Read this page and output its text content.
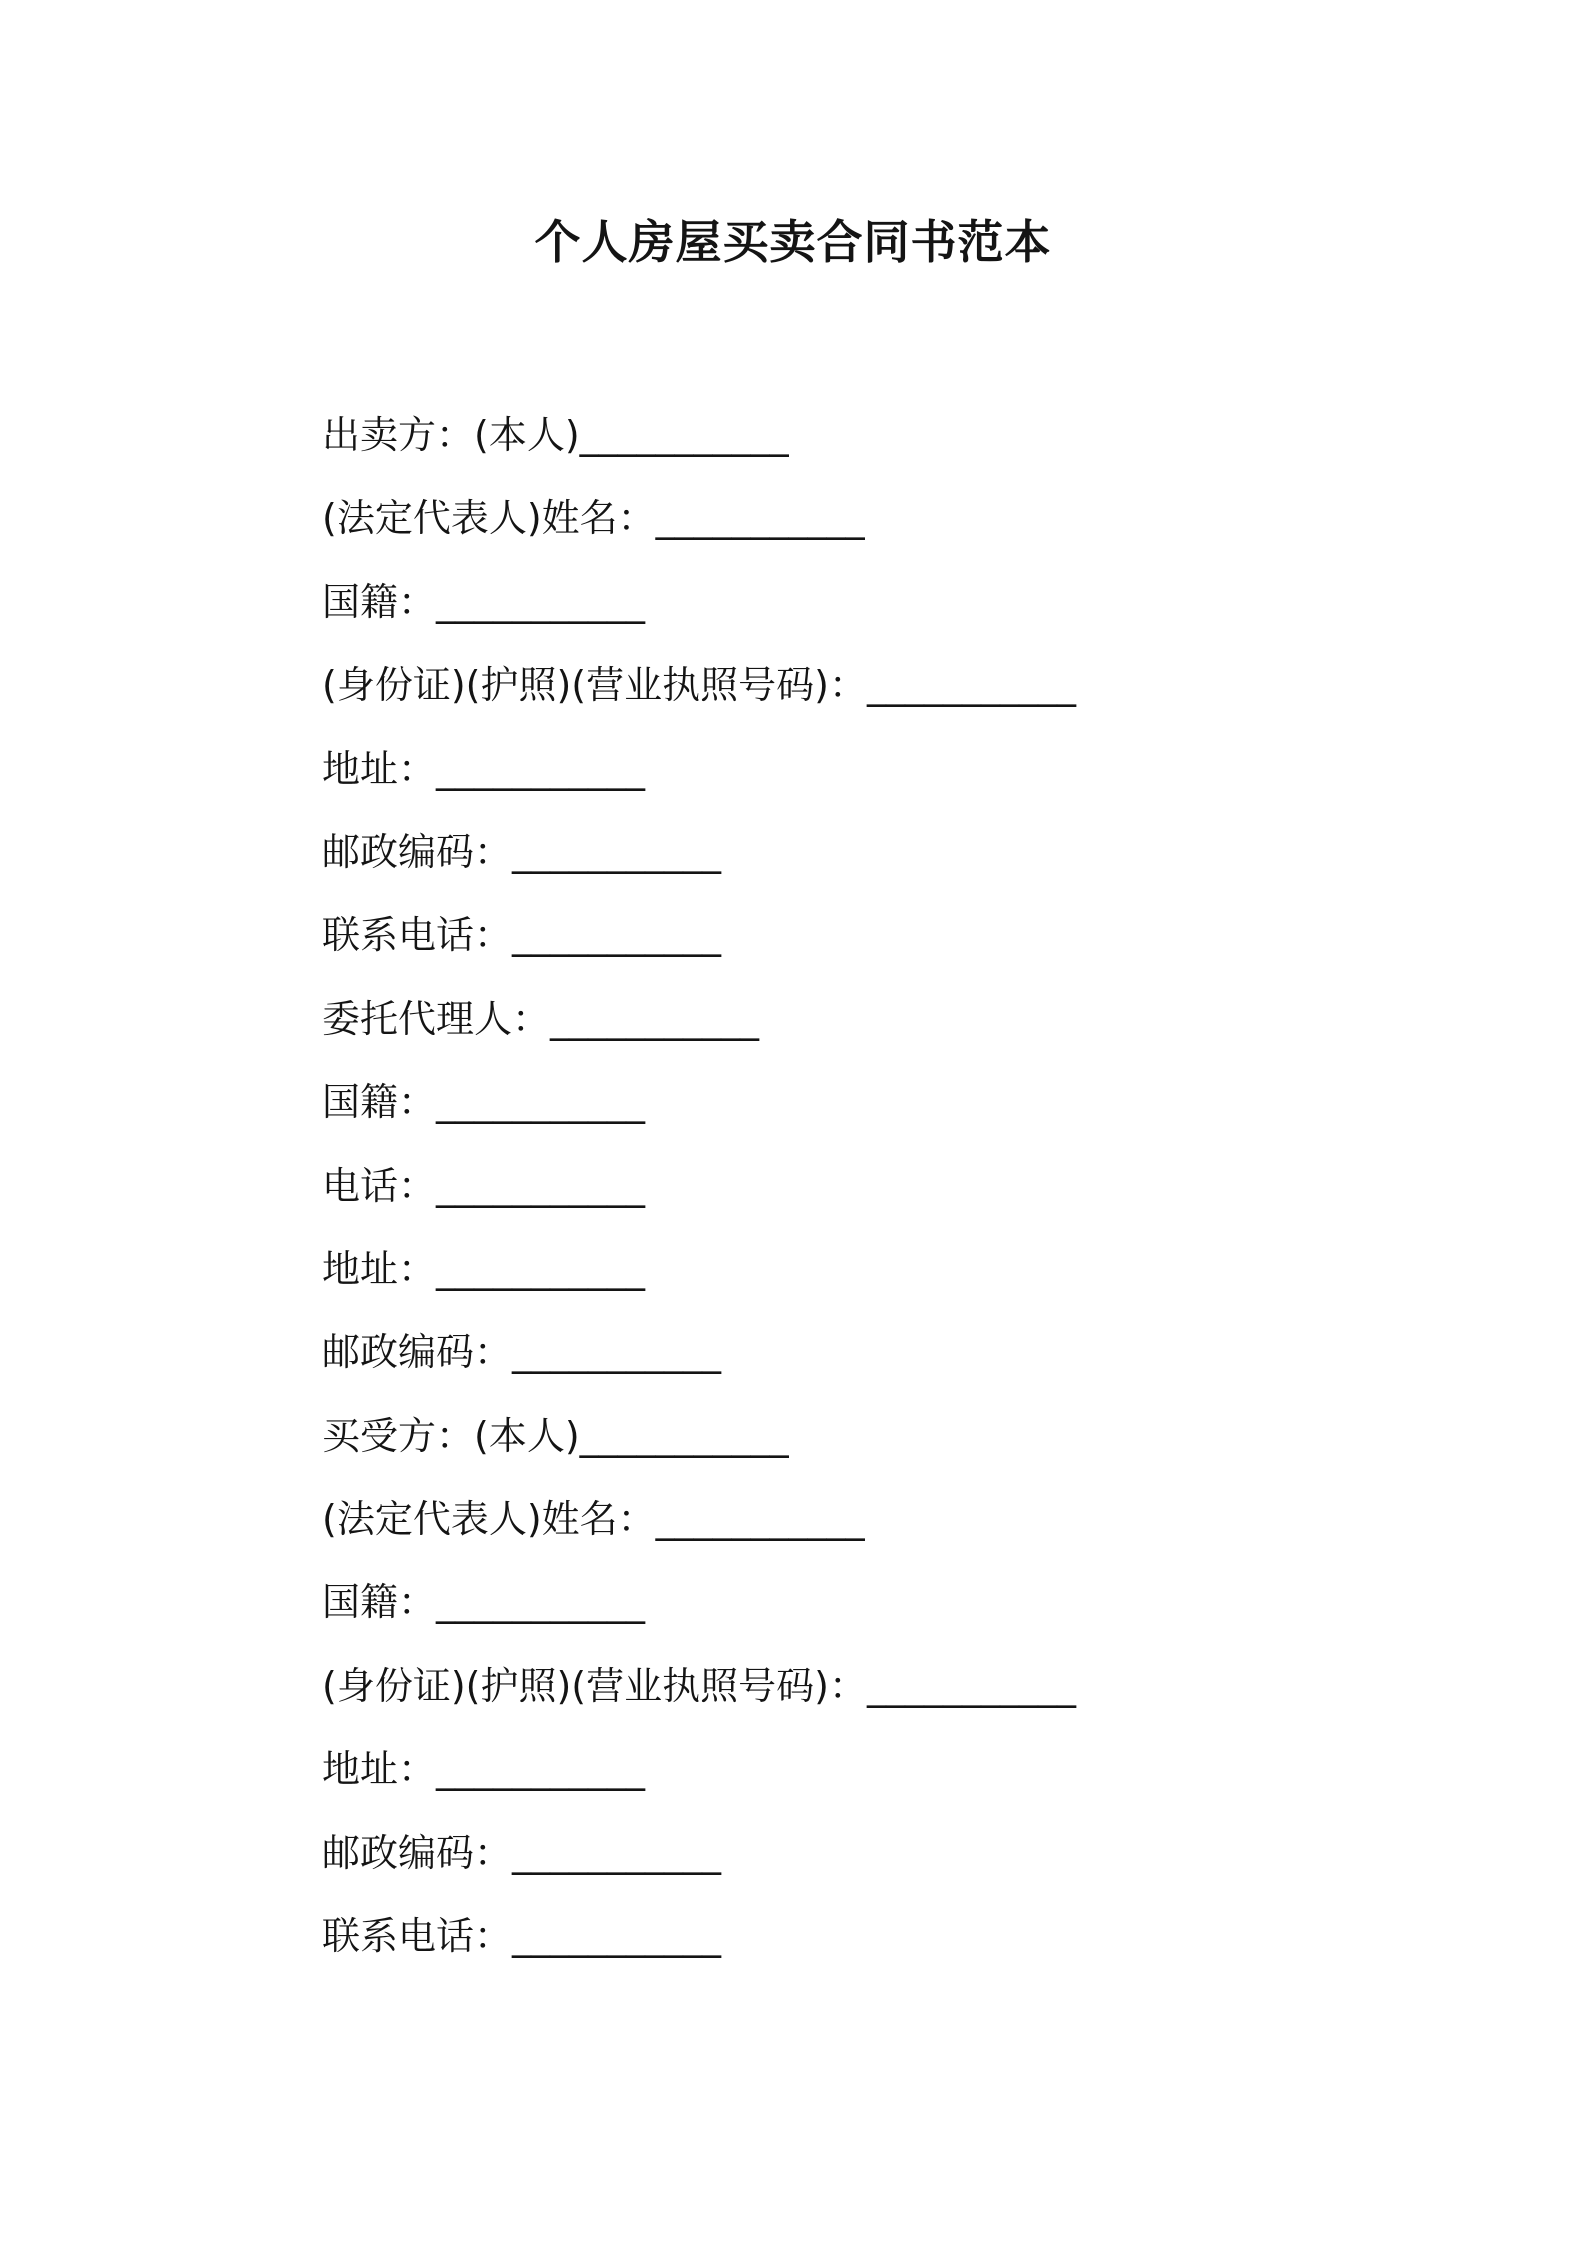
个人房屋买卖合同书范本
出卖方：(本人)___________
(法定代表人)姓名：___________
国籍：___________
(身份证)(护照)(营业执照号码)：___________
地址：___________
邮政编码：___________
联系电话：___________
委托代理人：___________
国籍：___________
电话：___________
地址：___________
邮政编码：___________
买受方：(本人)___________
(法定代表人)姓名：___________
国籍：___________
(身份证)(护照)(营业执照号码)：___________
地址：___________
邮政编码：___________
联系电话：___________
